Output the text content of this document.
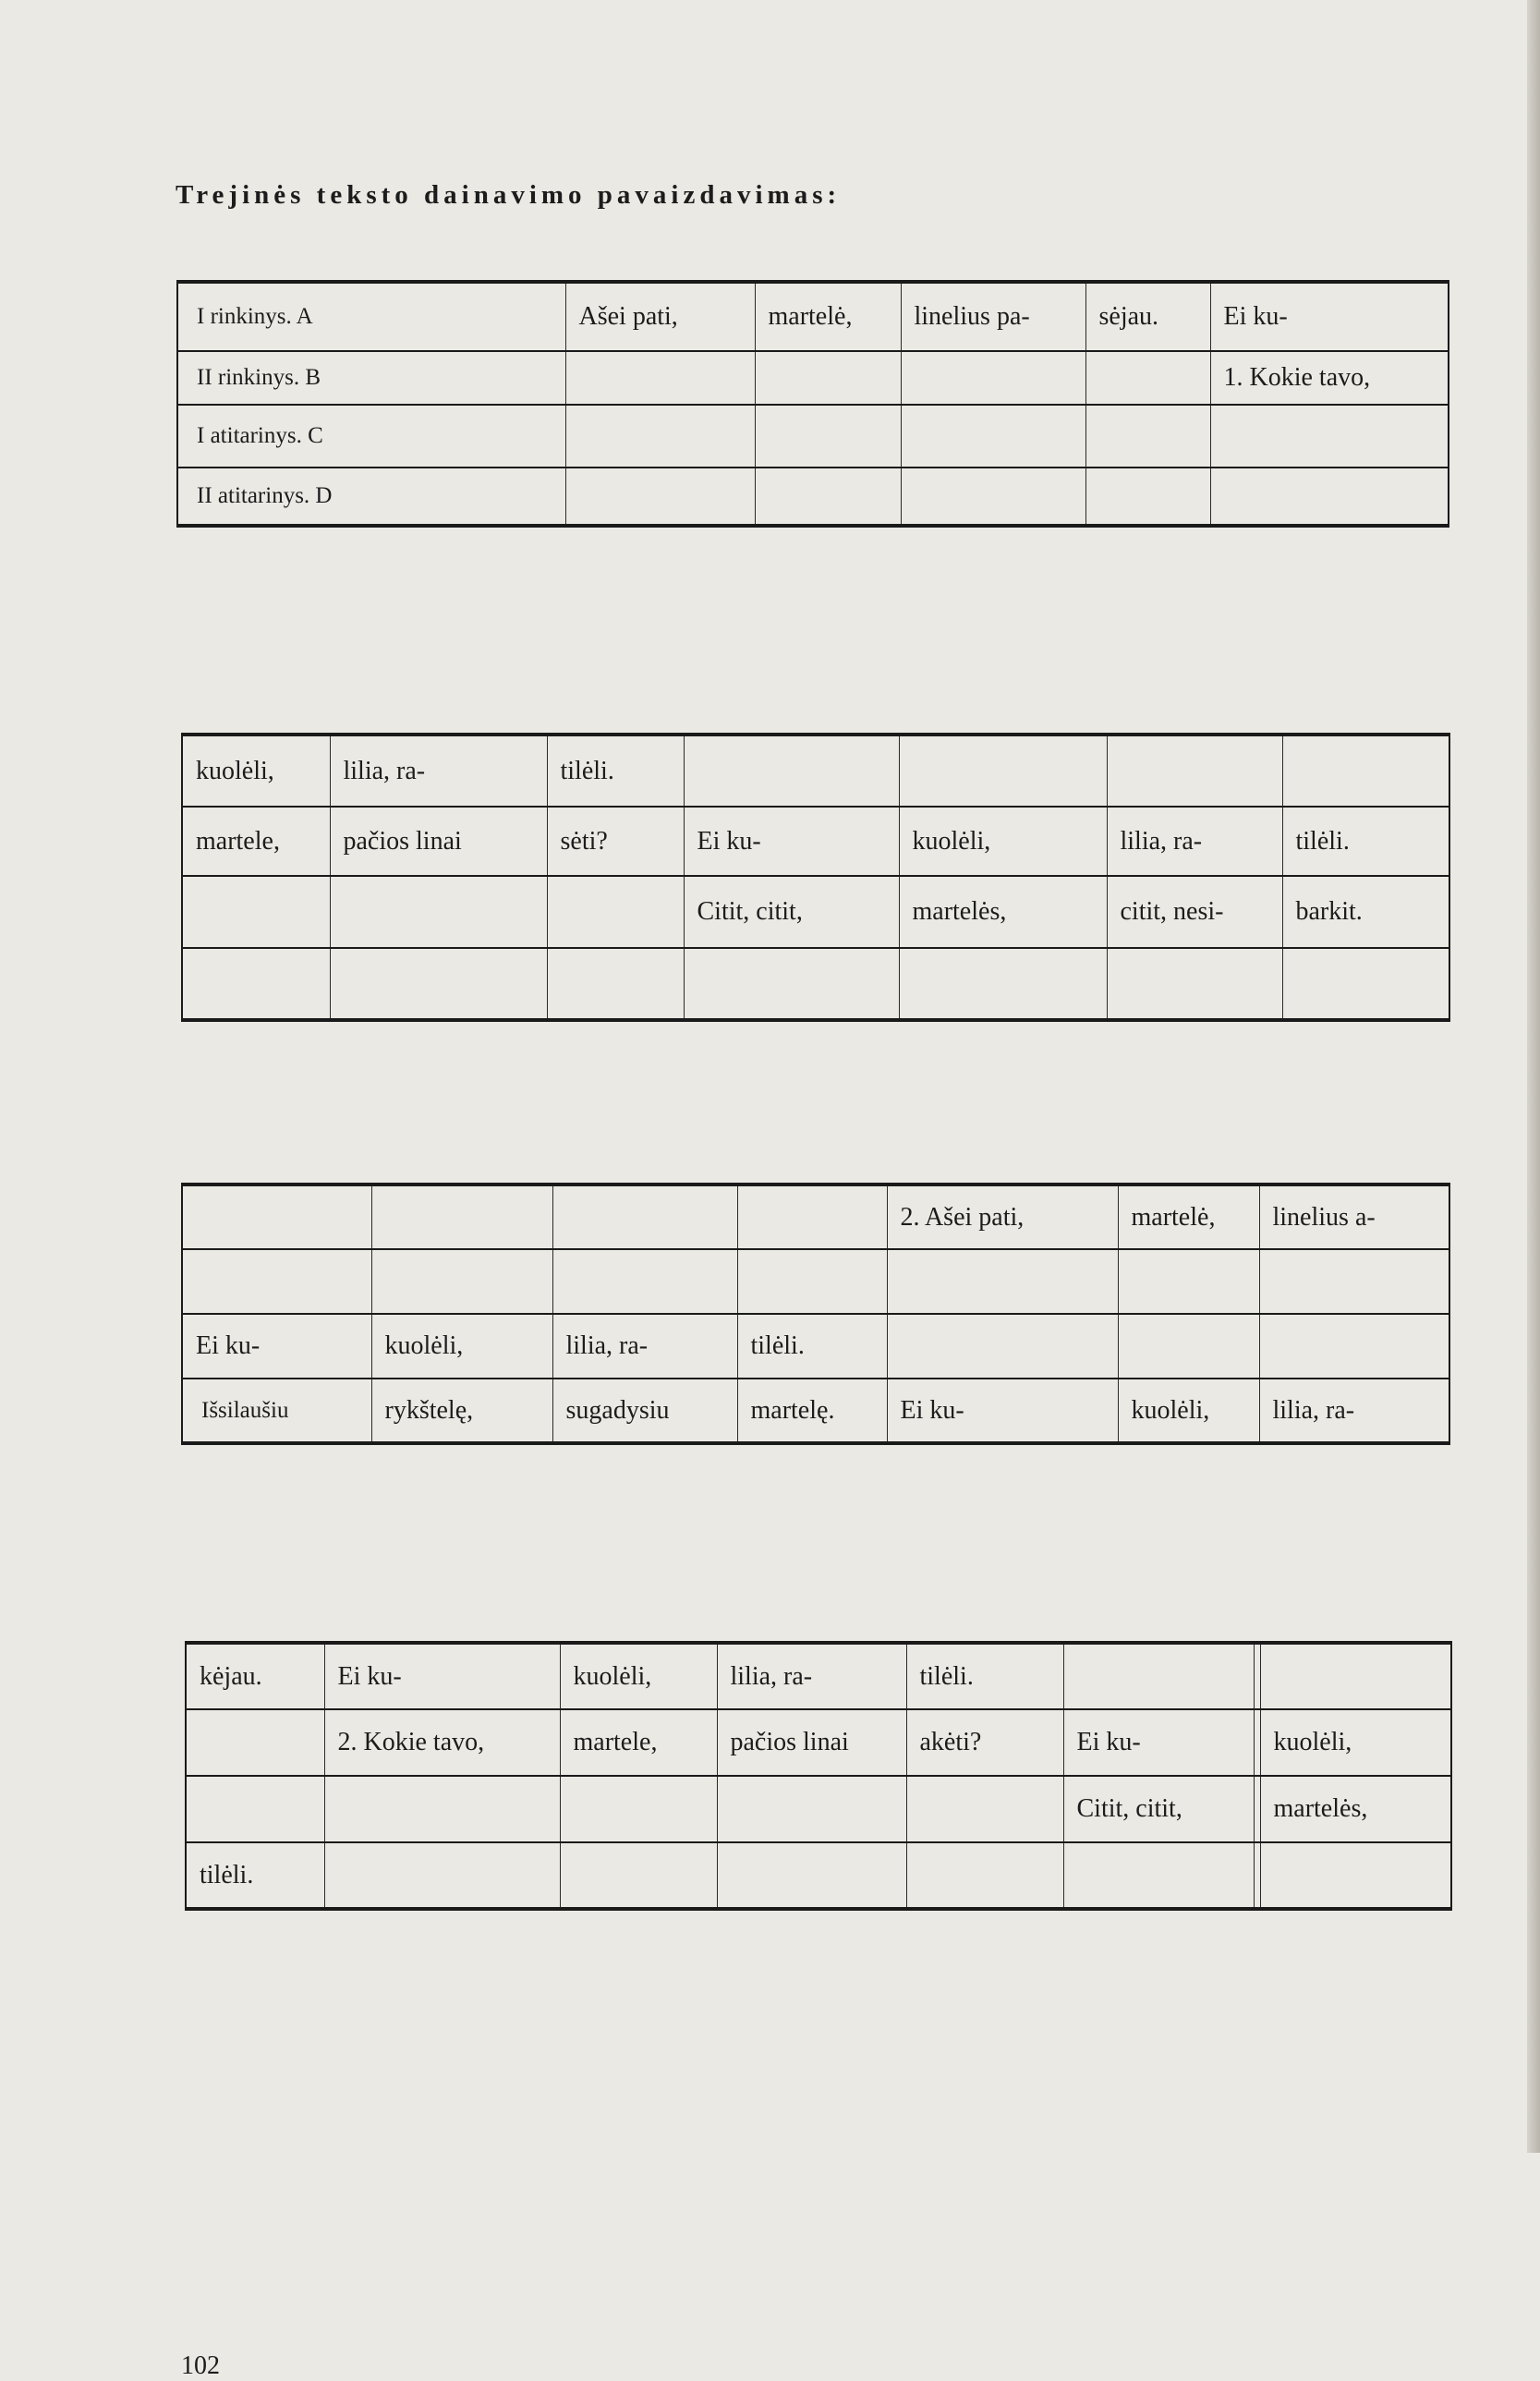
Trejinės teksto dainavimo pavaizdavimas:
I rinkinys. A	Ašei pati,	martelė,	linelius pa-	sėjau.	Ei ku-
II rinkinys. B					1. Kokie tavo,
I atitarinys. C					
II atitarinys. D					
kuolėli,	lilia, ra-	tilėli.				
martele,	pačios linai	sėti?	Ei ku-	kuolėli,	lilia, ra-	tilėli.
			Citit, citit,	martelės,	citit, nesi-	barkit.

				2. Ašei pati,	martelė,	linelius a-

Ei ku-	kuolėli,	lilia, ra-	tilėli.			
Išsilaušiu	rykštelę,	sugadysiu	martelę.	Ei ku-	kuolėli,	lilia, ra-
kėjau.	Ei ku-	kuolėli,	lilia, ra-	tilėli.			
	2. Kokie tavo,	martele,	pačios linai	akėti?	Ei ku-		kuolėli,
					Citit, citit,		martelės,
tilėli.							
102
